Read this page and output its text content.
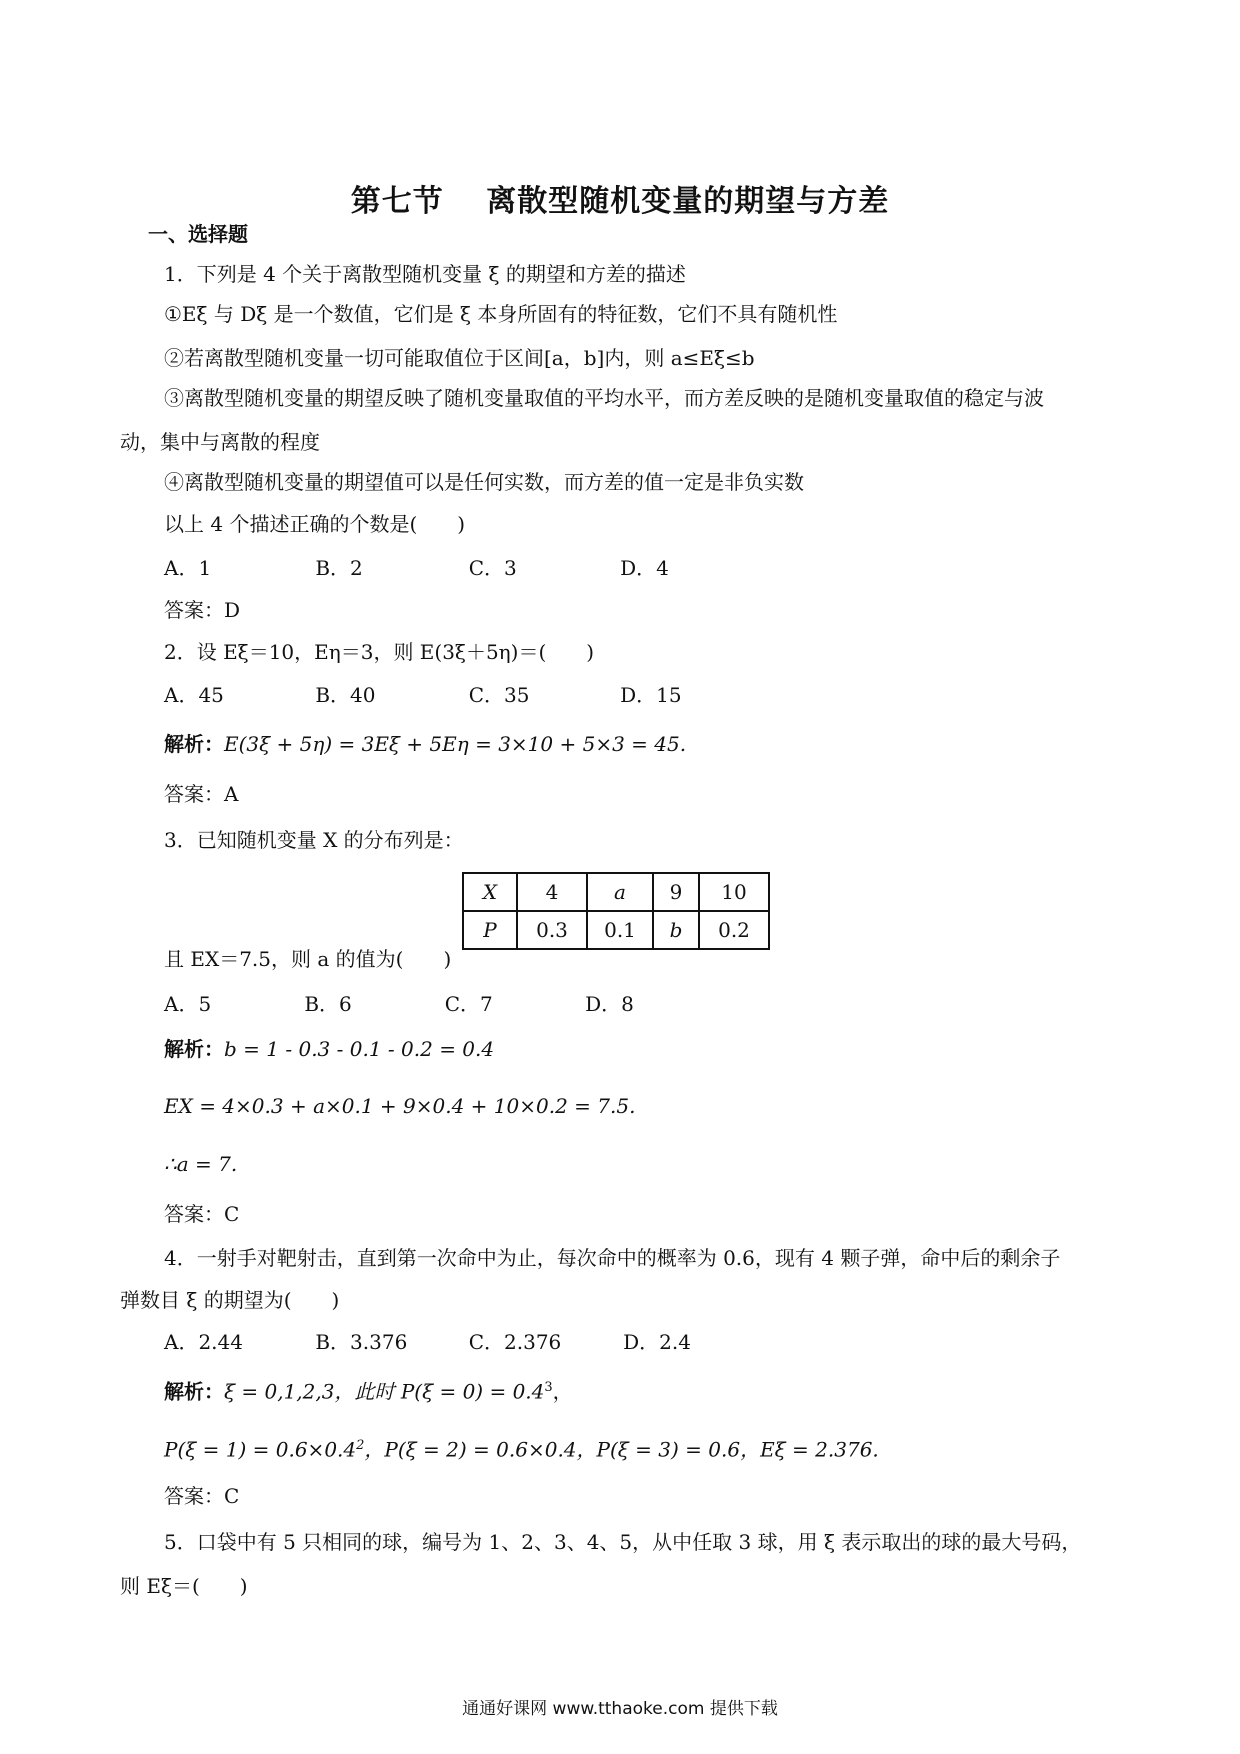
第七节　 离散型随机变量的期望与方差
一、选择题
1．下列是 4 个关于离散型随机变量 ξ 的期望和方差的描述
①Eξ 与 Dξ 是一个数值，它们是 ξ 本身所固有的特征数，它们不具有随机性
②若离散型随机变量一切可能取值位于区间[a，b]内，则 a≤Eξ≤b
③离散型随机变量的期望反映了随机变量取值的平均水平，而方差反映的是随机变量取值的稳定与波
动，集中与离散的程度
④离散型随机变量的期望值可以是任何实数，而方差的值一定是非负实数
以上 4 个描述正确的个数是(　　)
A．1	B．2	C．3	D．4
答案：D
2．设 Eξ＝10，Eη＝3，则 E(3ξ＋5η)＝(　　)
A．45	B．40	C．35	D．15
解析：E(3ξ + 5η) = 3Eξ + 5Eη = 3×10 + 5×3 = 45.
答案：A
3．已知随机变量 X 的分布列是：
X	4	a	9	10
P	0.3	0.1	b	0.2
且 EX＝7.5，则 a 的值为(　　)
A．5	B．6	C．7	D．8
解析：b = 1 - 0.3 - 0.1 - 0.2 = 0.4
EX = 4×0.3 + a×0.1 + 9×0.4 + 10×0.2 = 7.5.
∴a = 7.
答案：C
4．一射手对靶射击，直到第一次命中为止，每次命中的概率为 0.6，现有 4 颗子弹，命中后的剩余子
弹数目 ξ 的期望为(　　)
A．2.44	B．3.376	C．2.376	D．2.4
解析：ξ = 0,1,2,3，此时 $P(\xi = 0) = 0.4^3$，
$P(\xi = 1) = 0.6\times 0.4^2$，P(ξ = 2) = 0.6×0.4，P(ξ = 3) = 0.6，Eξ = 2.376.
答案：C
5．口袋中有 5 只相同的球，编号为 1、2、3、4、5，从中任取 3 球，用 ξ 表示取出的球的最大号码，
则 Eξ＝(　　)
通通好课网 www.tthaoke.com 提供下载
